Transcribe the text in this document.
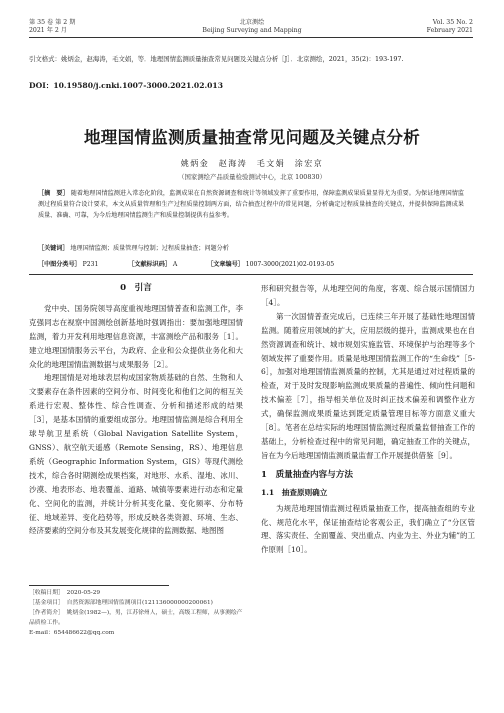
第 35 卷 第 2 期
2021 年 2 月
北京测绘
Beijing Surveying and Mapping
Vol. 35 No. 2
February 2021
引文格式：姚炳金，赵海涛，毛文娟，等．地理国情监测质量抽查常见问题及关键点分析［J］．北京测绘，2021，35(2)：193-197.
DOI：10.19580/j.cnki.1007-3000.2021.02.013
地理国情监测质量抽查常见问题及关键点分析
姚炳金　赵海涛　毛文娟　涂宏京
（国家测绘产品质量检验测试中心，北京 100830）
［摘　要］ 随着地理国情监测进入常态化阶段，监测成果在自然资源调查和统计等领域发挥了重要作用，保障监测成果质量显得尤为重要。为保证地理国情监测过程质量符合设计要求，本文从质量管理和生产过程质量控制两方面，结合抽查过程中的常见问题，分析确定过程质量抽查的关键点，并提供保障监测成果质量、准确、可靠，为今后地理国情监测生产和质量控制提供有益参考。
［关键词］ 地理国情监测；质量管理与控制；过程质量抽查；问题分析
［中图分类号］ P231	［文献标识码］ A	［文章编号］ 1007-3000(2021)02-0193-05

0　引言

党中央、国务院领导高度重视地理国情普查和监测工作，李克强同志在视察中国测绘创新基地时强调指出：要加强地理国情监测，着力开发利用地理信息资源，丰富测绘产品和服务［1］。建立地理国情服务云平台，为政府、企业和公众提供业务化和大众化的地理国情监测数据与成果服务［2］。

地理国情是对地球表层构成国家物质基础的自然、生物和人文要素存在条件因素的空间分布、时间变化和他们之间的相互关系进行宏观、整体性、综合性调查、分析和描述形成的结果［3］，是基本国情的重要组成部分。地理国情监测是综合利用全球导航卫星系统（Global Navigation Satellite System，GNSS）、航空航天遥感（Remote Sensing，RS）、地理信息系统（Geographic Information System，GIS）等现代测绘技术，综合各时期测绘成果档案，对地形、水系、湿地、冰川、沙漠、地表形态、地表覆盖、道路、城镇等要素进行动态和定量化、空间化的监测，并统计分析其变化量、变化频率、分布特征、地域差异、变化趋势等，形成反映各类资源、环境、生态、经济要素的空间分布及其发展变化规律的监测数据、地图图

形和研究报告等，从地理空间的角度，客观、综合展示国情国力［4］。

第一次国情普查完成后，已连续三年开展了基础性地理国情监测。随着应用领域的扩大，应用层级的提升，监测成果也在自然资源调查和统计、城市规划实施监管、环境保护与治理等多个领域发挥了重要作用。质量是地理国情监测工作的“生命线”［5-6］，加强对地理国情监测质量的控制，尤其是通过对过程质量的检查，对于及时发现影响监测成果质量的普遍性、倾向性问题和技术偏差［7］，指导相关单位及时纠正技术偏差和调整作业方式，确保监测成果质量达到既定质量管理目标等方面意义重大［8］。笔者在总结实际的地理国情监测过程质量监督抽查工作的基础上，分析检查过程中的常见问题，确定抽查工作的关键点，旨在为今后地理国情监测质量监督工作开展提供借鉴［9］。

1　质量抽查内容与方法

1.1　抽查原则确立

为规范地理国情监测过程质量抽查工作，提高抽查组的专业化、规范化水平，保证抽查结论客观公正，我们确立了“分区管理、落实责任、全面覆盖、突出重点、内业为主、外业为辅”的工作原则［10］。

［收稿日期］　2020-05-29
［基金项目］　自然资源部地理国情监测项目(121136000000200061)
［作者简介］　姚炳金(1982—)，男，江苏徐州人，硕士，高级工程师，从事测绘产品质检工作。
E-mail：654486622@qq.com
